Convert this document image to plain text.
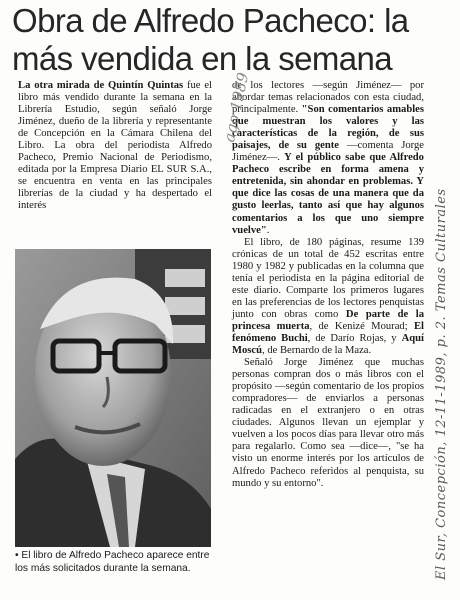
Obra de Alfredo Pacheco: la
más vendida en la semana

La otra mirada de Quintín Quintas fue el libro más vendido durante la semana en la Librería Estudio, según señaló Jorge Jiménez, dueño de la librería y representante de Concepción en la Cámara Chilena del Libro. La obra del periodista Alfredo Pacheco, Premio Nacional de Periodismo, editada por la Empresa Diario EL SUR S.A., se encuentra en venta en las principales librerías de la ciudad y ha despertado el interés

• El libro de Alfredo Pacheco aparece entre los más solicitados durante la semana.

de los lectores —según Jiménez— por abordar temas relacionados con esta ciudad, principalmente. "Son comentarios amables que muestran los valores y las características de la región, de sus paisajes, de su gente —comenta Jorge Jiménez—. Y el público sabe que Alfredo Pacheco escribe en forma amena y entretenida, sin ahondar en problemas. Y que dice las cosas de una manera que da gusto leerlas, tanto así que hay algunos comentarios a los que uno siempre vuelve".

El libro, de 180 páginas, resume 139 crónicas de un total de 452 escritas entre 1980 y 1982 y publicadas en la columna que tenía el periodista en la página editorial de este diario. Comparte los primeros lugares en las preferencias de los lectores penquistas junto con obras como De parte de la princesa muerta, de Kenizé Mourad; El fenómeno Buchi, de Darío Rojas, y Aquí Moscú, de Bernardo de la Maza.

Señaló Jorge Jiménez que muchas personas compran dos o más libros con el propósito —según comentario de los propios compradores— de enviarlos a personas radicadas en el extranjero o en otras ciudades. Algunos llevan un ejemplar y vuelven a los pocos días para llevar otro más para regalarlo. Como sea —dice—, "se ha visto un enorme interés por los artículos de Alfredo Pacheco referidos al penquista, su mundo y su entorno".

ago 1989
El Sur, Concepción, 12-11-1989, p. 2. Temas Culturales
